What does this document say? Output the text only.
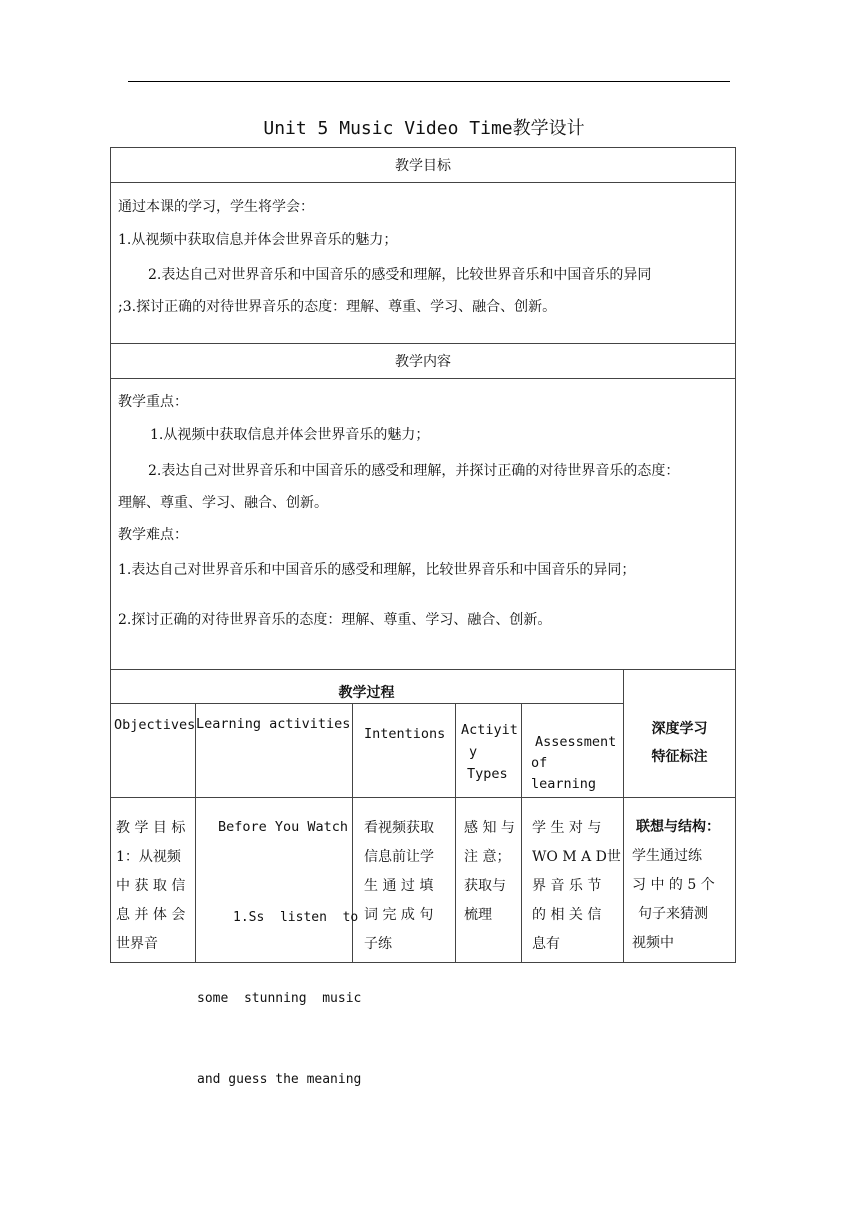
Unit 5 Music Video Time教学设计
教学目标
通过本课的学习，学生将学会：
1.从视频中获取信息并体会世界音乐的魅力；
2.表达自己对世界音乐和中国音乐的感受和理解，比较世界音乐和中国音乐的异同
;3.探讨正确的对待世界音乐的态度：理解、尊重、学习、融合、创新。
教学内容
教学重点：
1.从视频中获取信息并体会世界音乐的魅力；
2.表达自己对世界音乐和中国音乐的感受和理解，并探讨正确的对待世界音乐的态度：
理解、尊重、学习、融合、创新。
教学难点：
1.表达自己对世界音乐和中国音乐的感受和理解，比较世界音乐和中国音乐的异同；
2.探讨正确的对待世界音乐的态度：理解、尊重、学习、融合、创新。
教学过程
深度学习
特征标注
Objectives Learning activities
Intentions Actiyit
y
Types
Assessment
of
learning
教 学 目 标
1：从视频
中 获 取 信
息 并 体 会
世界音
Before You Watch

1.Ss  listen  to

some  stunning  music

and guess the meaning

看视频获取
信息前让学
生 通 过 填
词 完 成 句
子练
感 知 与
注 意；
获取与
梳理
学 生 对 与
WO M A D世
界 音 乐 节
的 相 关 信
息有
联想与结构：
学生通过练
习 中 的 5 个
句子来猜测
视频中
